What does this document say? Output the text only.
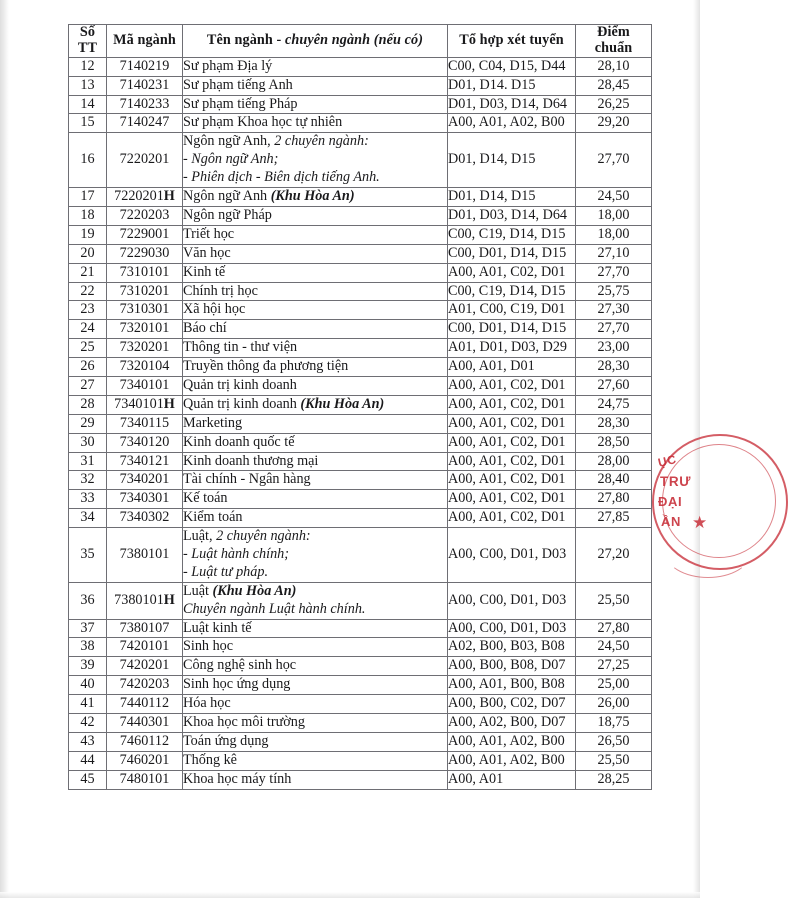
Số
TT	Mã ngành	Tên ngành - chuyên ngành (nếu có)	Tổ hợp xét tuyển	Điểm
chuẩn
12	7140219	Sư phạm Địa lý	C00, C04, D15, D44	28,10
13	7140231	Sư phạm tiếng Anh	D01, D14. D15	28,45
14	7140233	Sư phạm tiếng Pháp	D01, D03, D14, D64	26,25
15	7140247	Sư phạm Khoa học tự nhiên	A00, A01, A02, B00	29,20
16	7220201	Ngôn ngữ Anh, 2 chuyên ngành:
- Ngôn ngữ Anh;
- Phiên dịch - Biên dịch tiếng Anh.	D01, D14, D15	27,70
17	7220201H	Ngôn ngữ Anh (Khu Hòa An)	D01, D14, D15	24,50
18	7220203	Ngôn ngữ Pháp	D01, D03, D14, D64	18,00
19	7229001	Triết học	C00, C19, D14, D15	18,00
20	7229030	Văn học	C00, D01, D14, D15	27,10
21	7310101	Kinh tế	A00, A01, C02, D01	27,70
22	7310201	Chính trị học	C00, C19, D14, D15	25,75
23	7310301	Xã hội học	A01, C00, C19, D01	27,30
24	7320101	Báo chí	C00, D01, D14, D15	27,70
25	7320201	Thông tin - thư viện	A01, D01, D03, D29	23,00
26	7320104	Truyền thông đa phương tiện	A00, A01, D01	28,30
27	7340101	Quản trị kinh doanh	A00, A01, C02, D01	27,60
28	7340101H	Quản trị kinh doanh (Khu Hòa An)	A00, A01, C02, D01	24,75
29	7340115	Marketing	A00, A01, C02, D01	28,30
30	7340120	Kinh doanh quốc tế	A00, A01, C02, D01	28,50
31	7340121	Kinh doanh thương mại	A00, A01, C02, D01	28,00
32	7340201	Tài chính - Ngân hàng	A00, A01, C02, D01	28,40
33	7340301	Kế toán	A00, A01, C02, D01	27,80
34	7340302	Kiểm toán	A00, A01, C02, D01	27,85
35	7380101	Luật, 2 chuyên ngành:
- Luật hành chính;
- Luật tư pháp.	A00, C00, D01, D03	27,20
36	7380101H	Luật (Khu Hòa An)
Chuyên ngành Luật hành chính.	A00, C00, D01, D03	25,50
37	7380107	Luật kinh tế	A00, C00, D01, D03	27,80
38	7420101	Sinh học	A02, B00, B03, B08	24,50
39	7420201	Công nghệ sinh học	A00, B00, B08, D07	27,25
40	7420203	Sinh học ứng dụng	A00, A01, B00, B08	25,00
41	7440112	Hóa học	A00, B00, C02, D07	26,00
42	7440301	Khoa học môi trường	A00, A02, B00, D07	18,75
43	7460112	Toán ứng dụng	A00, A01, A02, B00	26,50
44	7460201	Thống kê	A00, A01, A02, B00	25,50
45	7480101	Khoa học máy tính	A00, A01	28,25
ỤC
TRƯ
ĐẠI
ẦN ★
